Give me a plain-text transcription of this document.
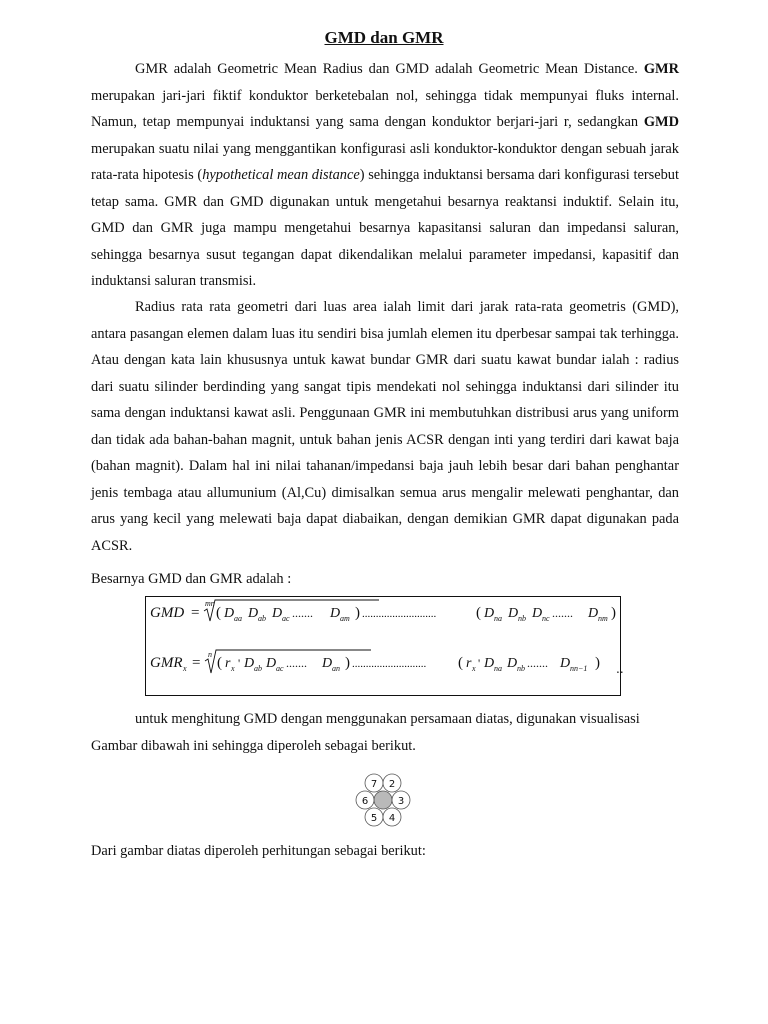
GMD dan GMR

GMR adalah Geometric Mean Radius dan GMD adalah Geometric Mean Distance. GMR merupakan jari-jari fiktif konduktor berketebalan nol, sehingga tidak mempunyai fluks internal. Namun, tetap mempunyai induktansi yang sama dengan konduktor berjari-jari r, sedangkan GMD merupakan suatu nilai yang menggantikan konfigurasi asli konduktor-konduktor dengan sebuah jarak rata-rata hipotesis (hypothetical mean distance) sehingga induktansi bersama dari konfigurasi tersebut tetap sama. GMR dan GMD digunakan untuk mengetahui besarnya reaktansi induktif. Selain itu, GMD dan GMR juga mampu mengetahui besarnya kapasitansi saluran dan impedansi saluran, sehingga besarnya susut tegangan dapat dikendalikan melalui parameter impedansi, kapasitif dan induktansi saluran transmisi.

Radius rata rata geometri dari luas area ialah limit dari jarak rata-rata geometris (GMD), antara pasangan elemen dalam luas itu sendiri bisa jumlah elemen itu dperbesar sampai tak terhingga. Atau dengan kata lain khususnya untuk kawat bundar GMR dari suatu kawat bundar ialah : radius dari suatu silinder berdinding yang sangat tipis mendekati nol sehingga induktansi dari silinder itu sama dengan induktansi kawat asli. Penggunaan GMR ini membutuhkan distribusi arus yang uniform dan tidak ada bahan-bahan magnit, untuk bahan jenis ACSR dengan inti yang terdiri dari kawat baja (bahan magnit). Dalam hal ini nilai tahanan/impedansi baja jauh lebih besar dari bahan penghantar jenis tembaga atau allumunium (Al,Cu) dimisalkan semua arus mengalir melewati penghantar, dan arus yang kecil yang melewati baja dapat diabaikan, dengan demikian GMR dapat digunakan pada ACSR.

Besarnya GMD dan GMR adalah :

GMD =
mn
( D aa D ab D ac ....... D am ) ...........................	( D na D nb D nc ....... D nm )
GMR x =
n
( r x ' D ab D ac ....... D an ) ........................... ( r x ' D na D nb ....... D nn−1 ) ..

untuk menghitung GMD dengan menggunakan persamaan diatas, digunakan visualisasi Gambar dibawah ini sehingga diperoleh sebagai berikut.

7 2
6	3
5 4

Dari gambar diatas diperoleh perhitungan sebagai berikut:
